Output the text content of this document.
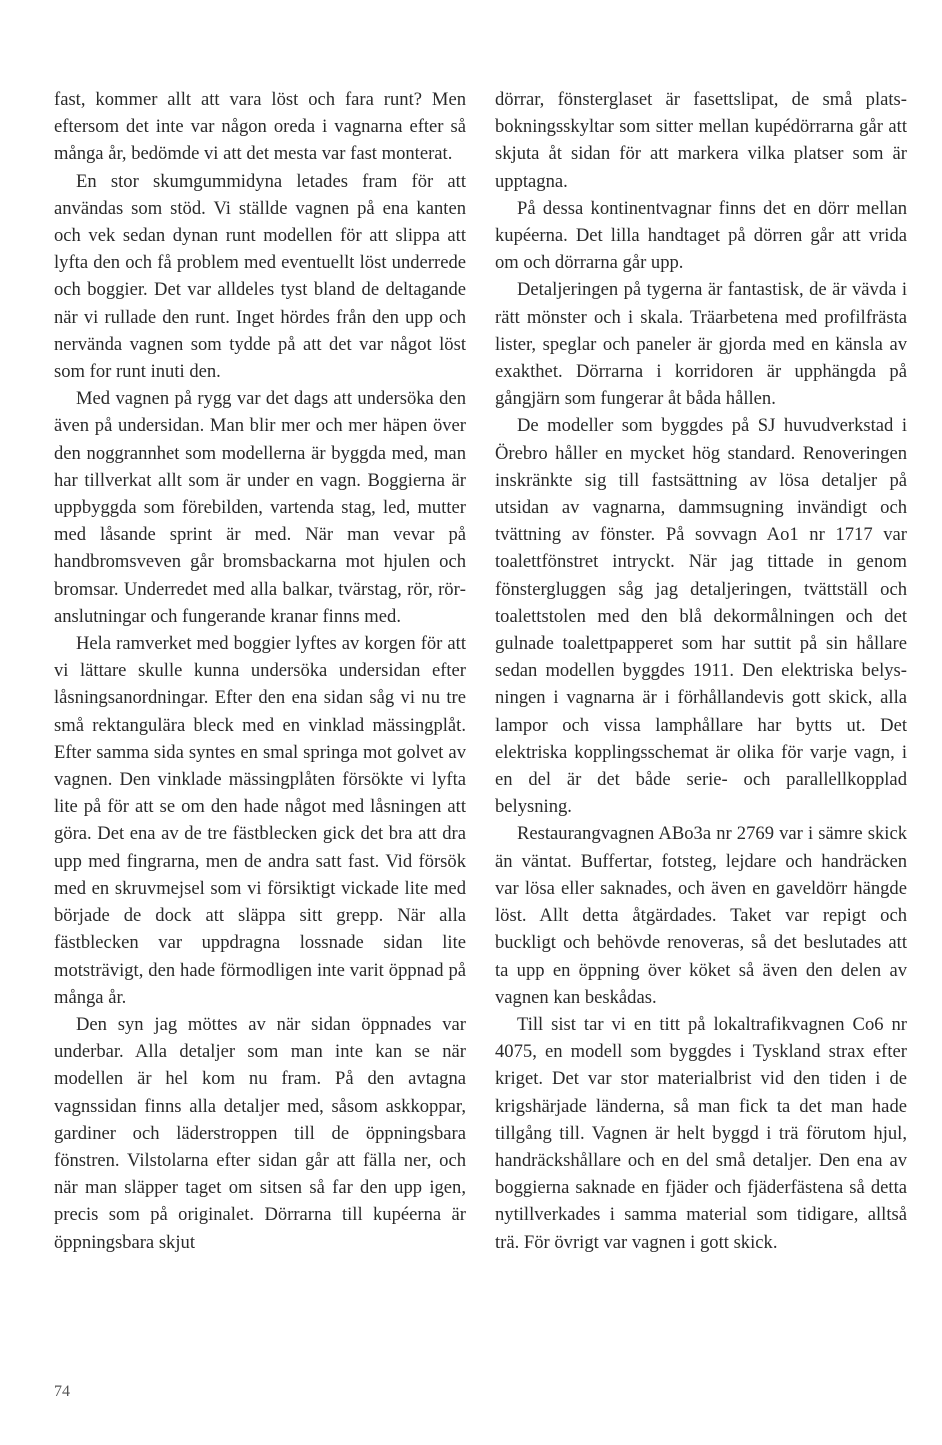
fast, kommer allt att vara löst och fara runt? Men eftersom det inte var någon oreda i vagnarna efter så många år, bedömde vi att det mesta var fast monterat.

En stor skumgummidyna letades fram för att användas som stöd. Vi ställde vagnen på ena kanten och vek sedan dynan runt modellen för att slippa att lyfta den och få problem med eventuellt löst underrede och boggier. Det var alldeles tyst bland de deltagande när vi rullade den runt. Inget hördes från den upp och nervända vagnen som tydde på att det var något löst som for runt inuti den.

Med vagnen på rygg var det dags att undersöka den även på undersidan. Man blir mer och mer häpen över den noggrannhet som modellerna är byggda med, man har tillverkat allt som är under en vagn. Boggierna är uppbyggda som förebilden, vartenda stag, led, mutter med låsande sprint är med. När man vevar på handbromsveven går bromsbackarna mot hjulen och bromsar. Underredet med alla balkar, tvärstag, rör, röranslutningar och fungerande kranar finns med.

Hela ramverket med boggier lyftes av korgen för att vi lättare skulle kunna undersöka undersidan efter låsningsanordningar. Efter den ena sidan såg vi nu tre små rektangulära bleck med en vinklad mässingplåt. Efter samma sida syntes en smal springa mot golvet av vagnen. Den vinklade mässingplåten försökte vi lyfta lite på för att se om den hade något med låsningen att göra. Det ena av de tre fästblecken gick det bra att dra upp med fingrarna, men de andra satt fast. Vid försök med en skruvmejsel som vi försiktigt vickade lite med började de dock att släppa sitt grepp. När alla fästblecken var uppdragna lossnade sidan lite motsträvigt, den hade förmodligen inte varit öppnad på många år.

Den syn jag möttes av när sidan öppnades var underbar. Alla detaljer som man inte kan se när modellen är hel kom nu fram. På den avtagna vagnssidan finns alla detaljer med, såsom askkoppar, gardiner och läderstroppen till de öppningsbara fönstren. Vilstolarna efter sidan går att fälla ner, och när man släpper taget om sitsen så far den upp igen, precis som på originalet. Dörrarna till kupéerna är öppningsbara skjut

dörrar, fönsterglaset är fasettslipat, de små platsbokningsskyltar som sitter mellan kupédörrarna går att skjuta åt sidan för att markera vilka platser som är upptagna.

På dessa kontinentvagnar finns det en dörr mellan kupéerna. Det lilla handtaget på dörren går att vrida om och dörrarna går upp.

Detaljeringen på tygerna är fantastisk, de är vävda i rätt mönster och i skala. Träarbetena med profilfrästa lister, speglar och paneler är gjorda med en känsla av exakthet. Dörrarna i korridoren är upphängda på gångjärn som fungerar åt båda hållen.

De modeller som byggdes på SJ huvudverkstad i Örebro håller en mycket hög standard. Renoveringen inskränkte sig till fastsättning av lösa detaljer på utsidan av vagnarna, dammsugning invändigt och tvättning av fönster. På sovvagn Ao1 nr 1717 var toalettfönstret intryckt. När jag tittade in genom fönstergluggen såg jag detaljeringen, tvättställ och toalettstolen med den blå dekormålningen och det gulnade toalettpapperet som har suttit på sin hållare sedan modellen byggdes 1911. Den elektriska belysningen i vagnarna är i förhållandevis gott skick, alla lampor och vissa lamphållare har bytts ut. Det elektriska kopplingsschemat är olika för varje vagn, i en del är det både serie- och parallellkopplad belysning.

Restaurangvagnen ABo3a nr 2769 var i sämre skick än väntat. Buffertar, fotsteg, lejdare och handräcken var lösa eller saknades, och även en gaveldörr hängde löst. Allt detta åtgärdades. Taket var repigt och buckligt och behövde renoveras, så det beslutades att ta upp en öppning över köket så även den delen av vagnen kan beskådas.

Till sist tar vi en titt på lokaltrafikvagnen Co6 nr 4075, en modell som byggdes i Tyskland strax efter kriget. Det var stor materialbrist vid den tiden i de krigshärjade länderna, så man fick ta det man hade tillgång till. Vagnen är helt byggd i trä förutom hjul, handräckshållare och en del små detaljer. Den ena av boggierna saknade en fjäder och fjäderfästena så detta nytillverkades i samma material som tidigare, alltså trä. För övrigt var vagnen i gott skick.

74
